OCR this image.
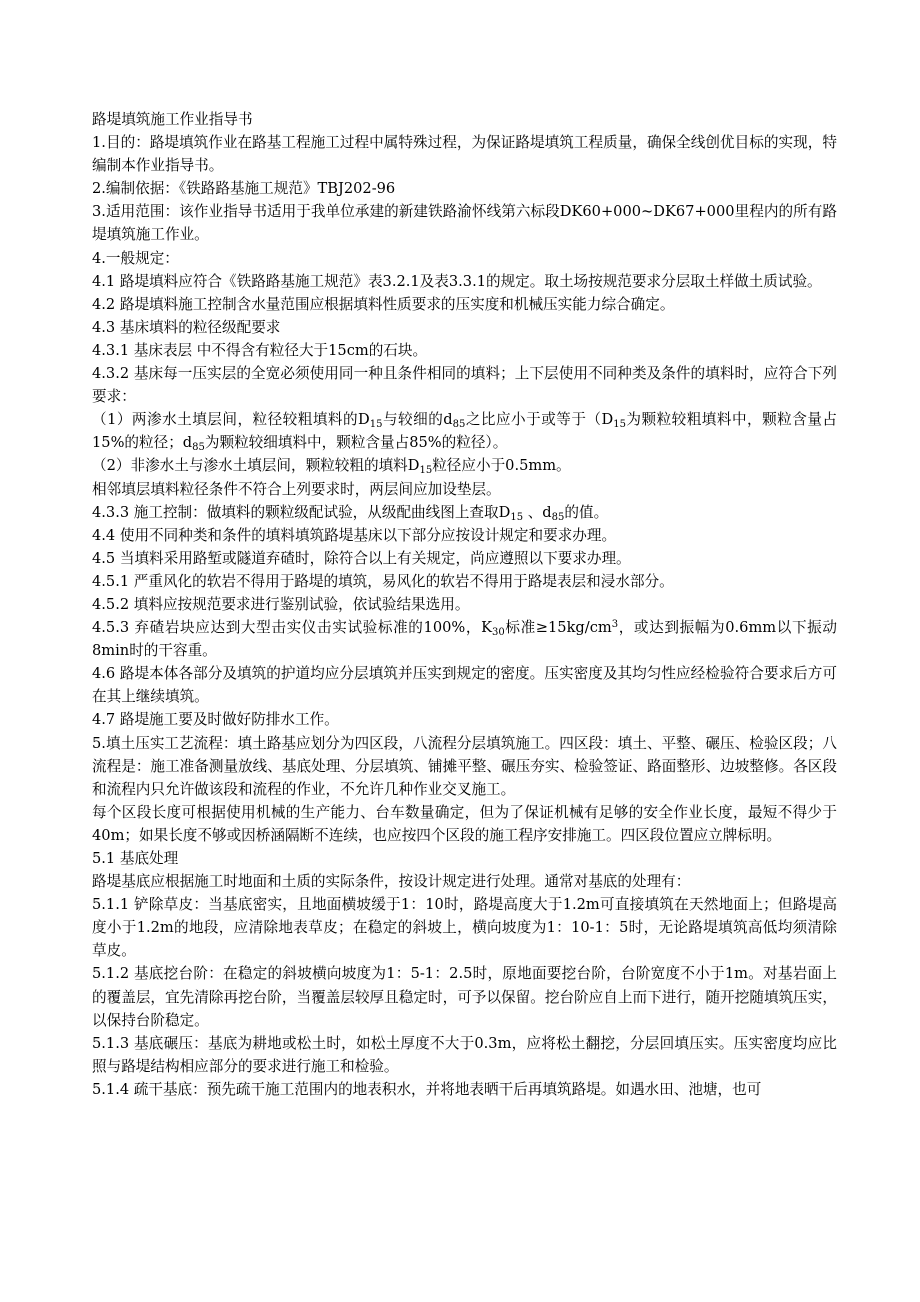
路堤填筑施工作业指导书

1.目的：路堤填筑作业在路基工程施工过程中属特殊过程，为保证路堤填筑工程质量，确保全线创优目标的实现，特编制本作业指导书。

2.编制依据：《铁路路基施工规范》TBJ202-96

3.适用范围：该作业指导书适用于我单位承建的新建铁路渝怀线第六标段DK60+000~DK67+000里程内的所有路堤填筑施工作业。

4.一般规定：

4.1 路堤填料应符合《铁路路基施工规范》表3.2.1及表3.3.1的规定。取土场按规范要求分层取土样做土质试验。

4.2 路堤填料施工控制含水量范围应根据填料性质要求的压实度和机械压实能力综合确定。

4.3 基床填料的粒径级配要求

4.3.1 基床表层 中不得含有粒径大于15cm的石块。

4.3.2 基床每一压实层的全宽必须使用同一种且条件相同的填料；上下层使用不同种类及条件的填料时，应符合下列要求：

（1）两渗水土填层间，粒径较粗填料的$D_{15}$与较细的$d_{85}$之比应小于或等于（$D_{15}$为颗粒较粗填料中，颗粒含量占15%的粒径；$d_{85}$为颗粒较细填料中，颗粒含量占85%的粒径）。

（2）非渗水土与渗水土填层间，颗粒较粗的填料$D_{15}$粒径应小于0.5mm。

相邻填层填料粒径条件不符合上列要求时，两层间应加设垫层。

4.3.3 施工控制：做填料的颗粒级配试验，从级配曲线图上查取$D_{15}$ 、$d_{85}$的值。

4.4 使用不同种类和条件的填料填筑路堤基床以下部分应按设计规定和要求办理。

4.5 当填料采用路堑或隧道弃碴时，除符合以上有关规定，尚应遵照以下要求办理。

4.5.1 严重风化的软岩不得用于路堤的填筑，易风化的软岩不得用于路堤表层和浸水部分。

4.5.2 填料应按规范要求进行鉴别试验，依试验结果选用。

4.5.3 弃碴岩块应达到大型击实仪击实试验标准的100%，$K_{30}$标准$\ge 15kg/cm^3$，或达到振幅为0.6mm以下振动8min时的干容重。

4.6 路堤本体各部分及填筑的护道均应分层填筑并压实到规定的密度。压实密度及其均匀性应经检验符合要求后方可在其上继续填筑。

4.7 路堤施工要及时做好防排水工作。

5.填土压实工艺流程：填土路基应划分为四区段，八流程分层填筑施工。四区段：填土、平整、碾压、检验区段；八流程是：施工准备测量放线、基底处理、分层填筑、铺摊平整、碾压夯实、检验签证、路面整形、边坡整修。各区段和流程内只允许做该段和流程的作业，不允许几种作业交叉施工。

每个区段长度可根据使用机械的生产能力、台车数量确定，但为了保证机械有足够的安全作业长度，最短不得少于40m；如果长度不够或因桥涵隔断不连续，也应按四个区段的施工程序安排施工。四区段位置应立牌标明。

5.1 基底处理

路堤基底应根据施工时地面和土质的实际条件，按设计规定进行处理。通常对基底的处理有：

5.1.1 铲除草皮：当基底密实，且地面横坡缓于1：10时，路堤高度大于1.2m可直接填筑在天然地面上；但路堤高度小于1.2m的地段，应清除地表草皮；在稳定的斜坡上，横向坡度为1：10-1：5时，无论路堤填筑高低均须清除草皮。

5.1.2 基底挖台阶：在稳定的斜坡横向坡度为1：5-1：2.5时，原地面要挖台阶，台阶宽度不小于1m。对基岩面上的覆盖层，宜先清除再挖台阶，当覆盖层较厚且稳定时，可予以保留。挖台阶应自上而下进行，随开挖随填筑压实，以保持台阶稳定。

5.1.3 基底碾压：基底为耕地或松土时，如松土厚度不大于0.3m，应将松土翻挖，分层回填压实。压实密度均应比照与路堤结构相应部分的要求进行施工和检验。

5.1.4 疏干基底：预先疏干施工范围内的地表积水，并将地表晒干后再填筑路堤。如遇水田、池塘，也可
